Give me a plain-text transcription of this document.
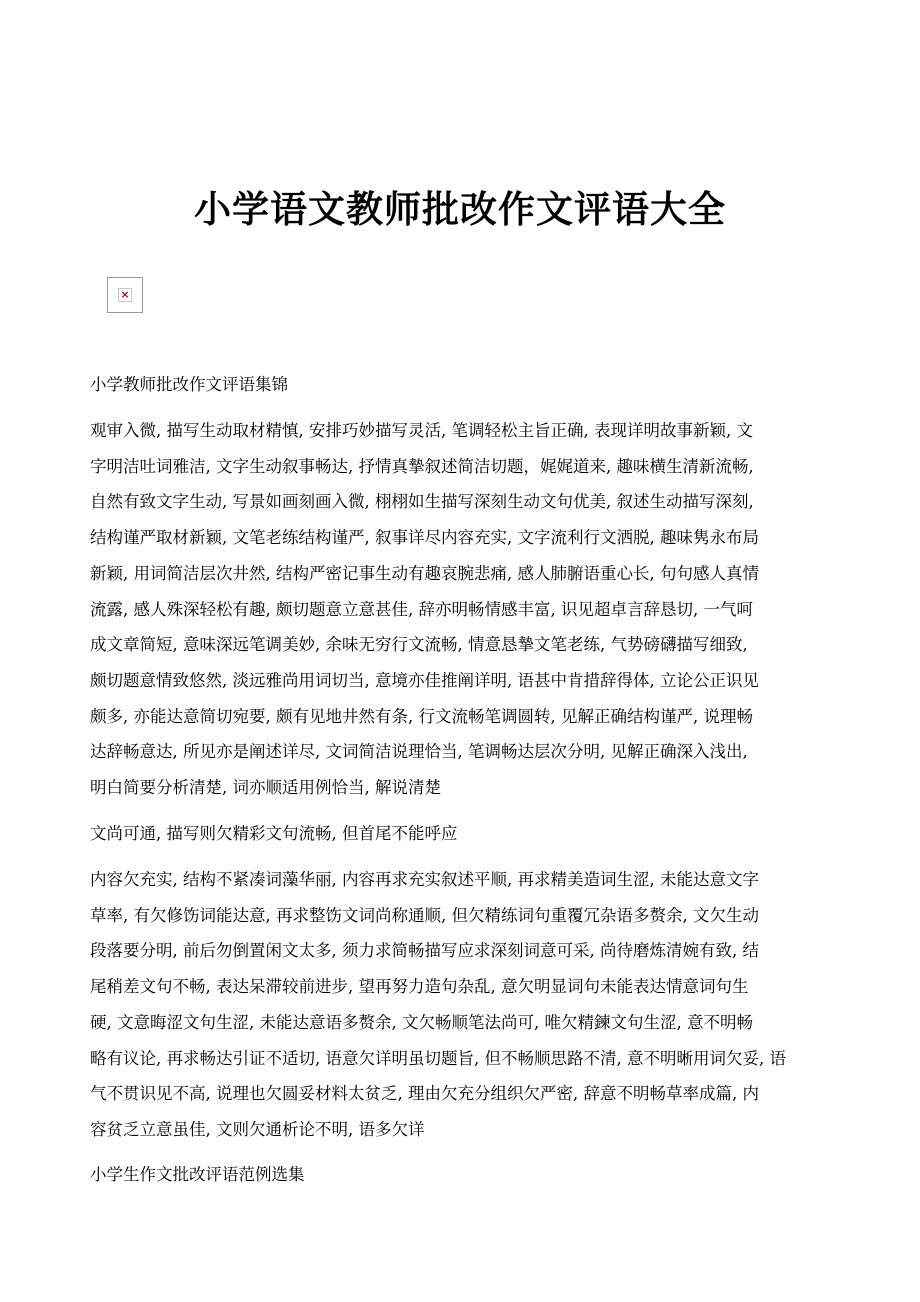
小学语文教师批改作文评语大全
×
小学教师批改作文评语集锦
观审入微, 描写生动取材精慎, 安排巧妙描写灵活, 笔调轻松主旨正确, 表现详明故事新颖, 文
字明洁吐词雅洁, 文字生动叙事畅达, 抒情真摯叙述简洁切题，娓娓道来, 趣味横生清新流畅,
自然有致文字生动, 写景如画刻画入微, 栩栩如生描写深刻生动文句优美, 叙述生动描写深刻,
结构谨严取材新颖, 文笔老练结构谨严, 叙事详尽内容充实, 文字流利行文洒脱, 趣味隽永布局
新颖, 用词简洁层次井然, 结构严密记事生动有趣哀腕悲痛, 感人肺腑语重心长, 句句感人真情
流露, 感人殊深轻松有趣, 颇切题意立意甚佳, 辞亦明畅情感丰富, 识见超卓言辞恳切, 一气呵
成文章简短, 意味深远笔调美妙, 余味无穷行文流畅, 情意恳摯文笔老练, 气势磅礴描写细致,
颇切题意情致悠然, 淡远雅尚用词切当, 意境亦佳推阐详明, 语甚中肯措辞得体, 立论公正识见
颇多, 亦能达意简切宛要, 颇有见地井然有条, 行文流畅笔调圆转, 见解正确结构谨严, 说理畅
达辞畅意达, 所见亦是阐述详尽, 文词简洁说理恰当, 笔调畅达层次分明, 见解正确深入浅出,
明白简要分析清楚, 词亦顺适用例恰当, 解说清楚
文尚可通, 描写则欠精彩文句流畅, 但首尾不能呼应
内容欠充实, 结构不紧凑词藻华丽, 内容再求充实叙述平顺, 再求精美造词生涩, 未能达意文字
草率, 有欠修饬词能达意, 再求整饬文词尚称通顺, 但欠精练词句重覆冗杂语多赘余, 文欠生动
段落要分明, 前后勿倒置闲文太多, 须力求简畅描写应求深刻词意可采, 尚待磨炼清婉有致, 结
尾稍差文句不畅, 表达呆滞较前进步, 望再努力造句杂乱, 意欠明显词句未能表达情意词句生
硬, 文意晦涩文句生涩, 未能达意语多赘余, 文欠畅顺笔法尚可, 唯欠精鍊文句生涩, 意不明畅
略有议论, 再求畅达引证不适切, 语意欠详明虽切题旨, 但不畅顺思路不清, 意不明晰用词欠妥, 语
气不贯识见不高, 说理也欠圆妥材料太贫乏, 理由欠充分组织欠严密, 辞意不明畅草率成篇, 内
容贫乏立意虽佳, 文则欠通析论不明, 语多欠详
小学生作文批改评语范例选集
